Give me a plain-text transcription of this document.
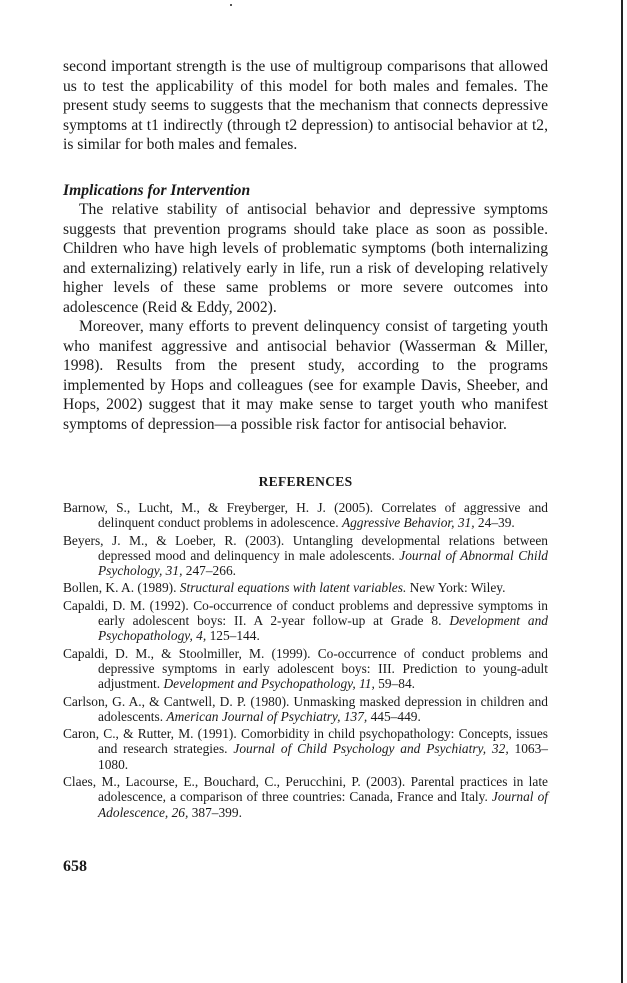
second important strength is the use of multigroup comparisons that allowed us to test the applicability of this model for both males and females. The present study seems to suggests that the mechanism that connects depressive symptoms at t1 indirectly (through t2 depression) to antisocial behavior at t2, is similar for both males and females.

Implications for Intervention

The relative stability of antisocial behavior and depressive symptoms suggests that prevention programs should take place as soon as possible. Children who have high levels of problematic symptoms (both internalizing and externalizing) relatively early in life, run a risk of developing relatively higher levels of these same problems or more severe outcomes into adolescence (Reid & Eddy, 2002).

Moreover, many efforts to prevent delinquency consist of targeting youth who manifest aggressive and antisocial behavior (Wasserman & Miller, 1998). Results from the present study, according to the programs implemented by Hops and colleagues (see for example Davis, Sheeber, and Hops, 2002) suggest that it may make sense to target youth who manifest symptoms of depression—a possible risk factor for antisocial behavior.

REFERENCES
Barnow, S., Lucht, M., & Freyberger, H. J. (2005). Correlates of aggressive and delinquent conduct problems in adolescence. Aggressive Behavior, 31, 24–39.
Beyers, J. M., & Loeber, R. (2003). Untangling developmental relations between depressed mood and delinquency in male adolescents. Journal of Abnormal Child Psychology, 31, 247–266.
Bollen, K. A. (1989). Structural equations with latent variables. New York: Wiley.
Capaldi, D. M. (1992). Co-occurrence of conduct problems and depressive symptoms in early adolescent boys: II. A 2-year follow-up at Grade 8. Development and Psychopathology, 4, 125–144.
Capaldi, D. M., & Stoolmiller, M. (1999). Co-occurrence of conduct problems and depressive symptoms in early adolescent boys: III. Prediction to young-adult adjustment. Development and Psychopathology, 11, 59–84.
Carlson, G. A., & Cantwell, D. P. (1980). Unmasking masked depression in children and adolescents. American Journal of Psychiatry, 137, 445–449.
Caron, C., & Rutter, M. (1991). Comorbidity in child psychopathology: Concepts, issues and research strategies. Journal of Child Psychology and Psychiatry, 32, 1063–1080.
Claes, M., Lacourse, E., Bouchard, C., Perucchini, P. (2003). Parental practices in late adolescence, a comparison of three countries: Canada, France and Italy. Journal of Adolescence, 26, 387–399.

658
